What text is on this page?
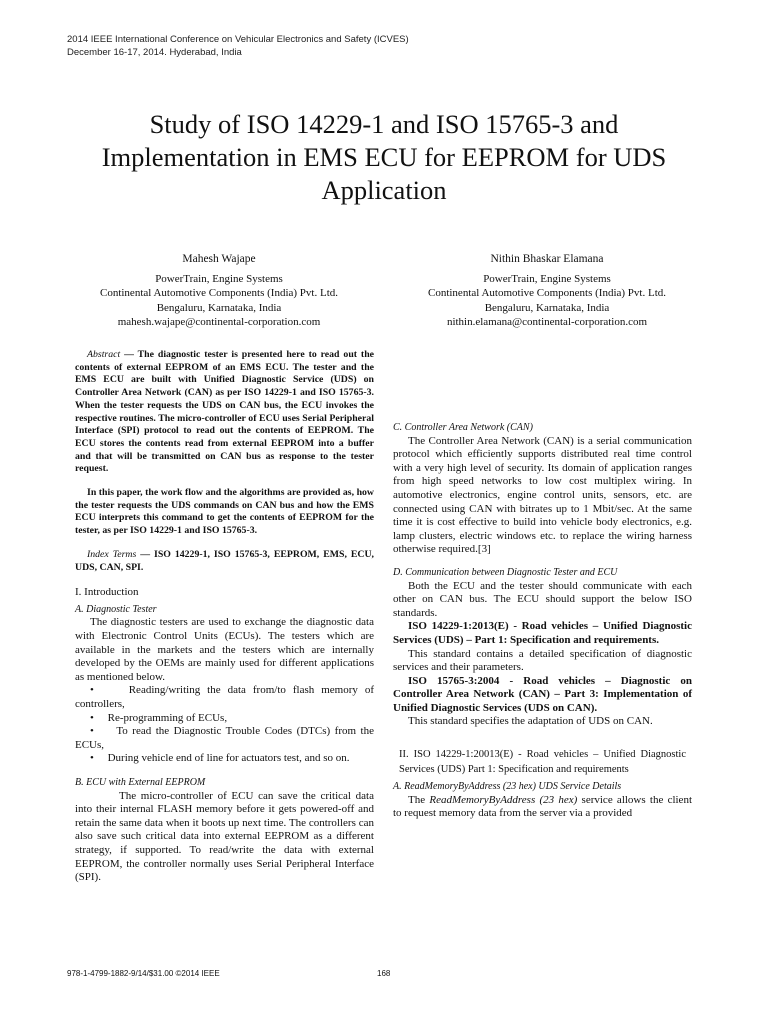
2014 IEEE International Conference on Vehicular Electronics and Safety (ICVES)
December 16-17, 2014. Hyderabad, India
Study of ISO 14229-1 and ISO 15765-3 and
Implementation in EMS ECU for EEPROM for UDS
Application
Mahesh Wajape
PowerTrain, Engine Systems
Continental Automotive Components (India) Pvt. Ltd.
Bengaluru, Karnataka, India
mahesh.wajape@continental-corporation.com
Nithin Bhaskar Elamana
PowerTrain, Engine Systems
Continental Automotive Components (India) Pvt. Ltd.
Bengaluru, Karnataka, India
nithin.elamana@continental-corporation.com

Abstract — The diagnostic tester is presented here to read out the contents of external EEPROM of an EMS ECU. The tester and the EMS ECU are built with Unified Diagnostic Service (UDS) on Controller Area Network (CAN) as per ISO 14229-1 and ISO 15765-3. When the tester requests the UDS on CAN bus, the ECU invokes the respective routines. The micro-controller of ECU uses Serial Peripheral Interface (SPI) protocol to read out the contents of EEPROM. The ECU stores the contents read from external EEPROM into a buffer and that will be transmitted on CAN bus as response to the tester request.

In this paper, the work flow and the algorithms are provided as, how the tester requests the UDS commands on CAN bus and how the EMS ECU interprets this command to get the contents of EEPROM for the tester, as per ISO 14229-1 and ISO 15765-3.

Index Terms — ISO 14229-1, ISO 15765-3, EEPROM, EMS, ECU, UDS, CAN, SPI.

I. Introduction

A. Diagnostic Tester

The diagnostic testers are used to exchange the diagnostic data with Electronic Control Units (ECUs). The testers which are available in the markets and the testers which are internally developed by the OEMs are mainly used for different applications as mentioned below.

•     Reading/writing the data from/to flash memory of controllers,

•     Re-programming of ECUs,

•     To read the Diagnostic Trouble Codes (DTCs) from the ECUs,

•     During vehicle end of line for actuators test, and so on.

B. ECU with External EEPROM

The micro-controller of ECU can save the critical data into their internal FLASH memory before it gets powered-off and retain the same data when it boots up next time. The controllers can also save such critical data into external EEPROM as a different strategy, if supported. To read/write the data with external EEPROM, the controller normally uses Serial Peripheral Interface (SPI).

C. Controller Area Network (CAN)

The Controller Area Network (CAN) is a serial communication protocol which efficiently supports distributed real time control with a very high level of security. Its domain of application ranges from high speed networks to low cost multiplex wiring. In automotive electronics, engine control units, sensors, etc. are connected using CAN with bitrates up to 1 Mbit/sec. At the same time it is cost effective to build into vehicle body electronics, e.g. lamp clusters, electric windows etc. to replace the wiring harness otherwise required.[3]

D. Communication between Diagnostic Tester and ECU

Both the ECU and the tester should communicate with each other on CAN bus. The ECU should support the below ISO standards.

ISO 14229-1:2013(E) - Road vehicles – Unified Diagnostic Services (UDS) – Part 1: Specification and requirements.

This standard contains a detailed specification of diagnostic services and their parameters.

ISO 15765-3:2004 - Road vehicles – Diagnostic on Controller Area Network (CAN) – Part 3: Implementation of Unified Diagnostic Services (UDS on CAN).

This standard specifies the adaptation of UDS on CAN.

II. ISO 14229-1:20013(E) - Road vehicles – Unified Diagnostic Services (UDS) Part 1: Specification and requirements

A. ReadMemoryByAddress (23 hex) UDS Service Details

The ReadMemoryByAddress (23 hex) service allows the client to request memory data from the server via a provided

978-1-4799-1882-9/14/$31.00 ©2014 IEEE	168
